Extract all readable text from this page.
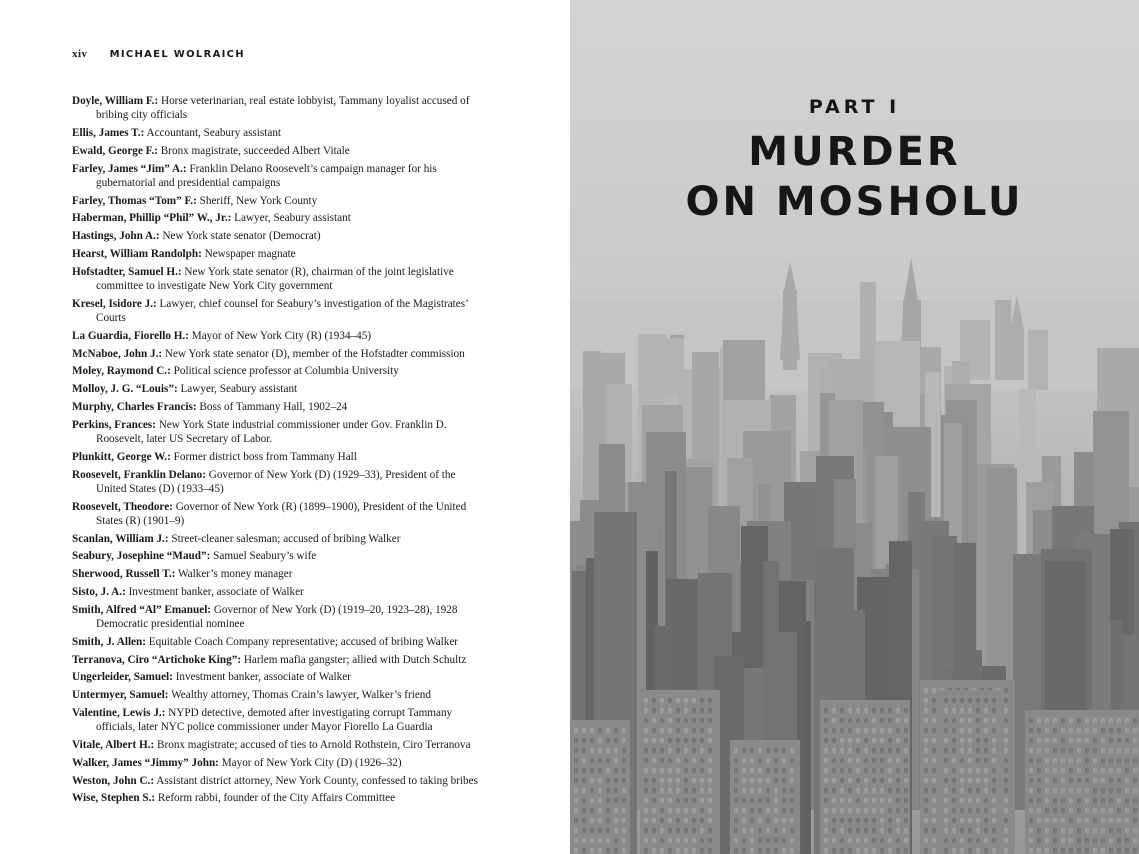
xiv MICHAEL WOLRAICH
Doyle, William F.: Horse veterinarian, real estate lobbyist, Tammany loyalist accused of bribing city officials
Ellis, James T.: Accountant, Seabury assistant
Ewald, George F.: Bronx magistrate, succeeded Albert Vitale
Farley, James “Jim” A.: Franklin Delano Roosevelt’s campaign manager for his gubernatorial and presidential campaigns
Farley, Thomas “Tom” F.: Sheriff, New York County
Haberman, Phillip “Phil” W., Jr.: Lawyer, Seabury assistant
Hastings, John A.: New York state senator (Democrat)
Hearst, William Randolph: Newspaper magnate
Hofstadter, Samuel H.: New York state senator (R), chairman of the joint legislative committee to investigate New York City government
Kresel, Isidore J.: Lawyer, chief counsel for Seabury’s investigation of the Magistrates’ Courts
La Guardia, Fiorello H.: Mayor of New York City (R) (1934–45)
McNaboe, John J.: New York state senator (D), member of the Hofstadter commission
Moley, Raymond C.: Political science professor at Columbia University
Molloy, J. G. “Louis”: Lawyer, Seabury assistant
Murphy, Charles Francis: Boss of Tammany Hall, 1902–24
Perkins, Frances: New York State industrial commissioner under Gov. Franklin D. Roosevelt, later US Secretary of Labor.
Plunkitt, George W.: Former district boss from Tammany Hall
Roosevelt, Franklin Delano: Governor of New York (D) (1929–33), President of the United States (D) (1933–45)
Roosevelt, Theodore: Governor of New York (R) (1899–1900), President of the United States (R) (1901–9)
Scanlan, William J.: Street-cleaner salesman; accused of bribing Walker
Seabury, Josephine “Maud”: Samuel Seabury’s wife
Sherwood, Russell T.: Walker’s money manager
Sisto, J. A.: Investment banker, associate of Walker
Smith, Alfred “Al” Emanuel: Governor of New York (D) (1919–20, 1923–28), 1928 Democratic presidential nominee
Smith, J. Allen: Equitable Coach Company representative; accused of bribing Walker
Terranova, Ciro “Artichoke King”: Harlem mafia gangster; allied with Dutch Schultz
Ungerleider, Samuel: Investment banker, associate of Walker
Untermyer, Samuel: Wealthy attorney, Thomas Crain’s lawyer, Walker’s friend
Valentine, Lewis J.: NYPD detective, demoted after investigating corrupt Tammany officials, later NYC police commissioner under Mayor Fiorello La Guardia
Vitale, Albert H.: Bronx magistrate; accused of ties to Arnold Rothstein, Ciro Terranova
Walker, James “Jimmy” John: Mayor of New York City (D) (1926–32)
Weston, John C.: Assistant district attorney, New York County, confessed to taking bribes
Wise, Stephen S.: Reform rabbi, founder of the City Affairs Committee
PART I
MURDER
ON MOSHOLU
